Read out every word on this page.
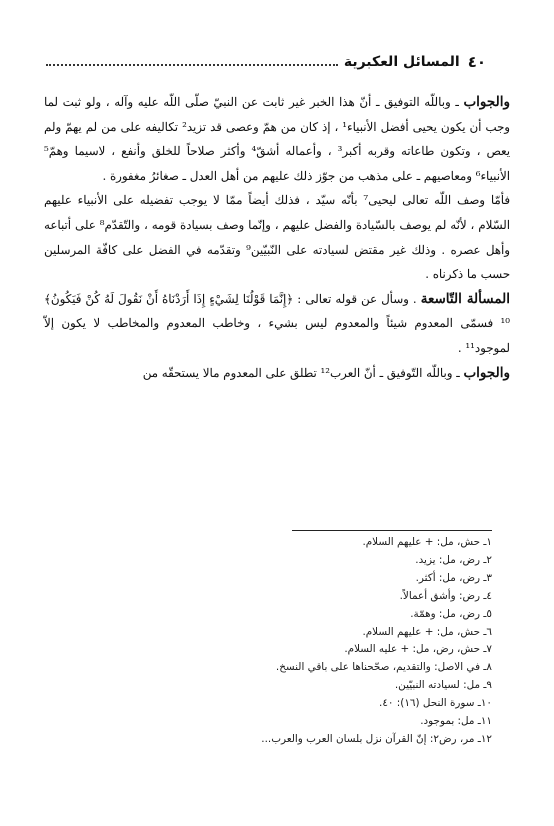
٤٠
المسائل العكبرية

والجواب ـ وباللّه التوفيق ـ أنّ هذا الخبر غير ثابت عن النبيّ صلّى اللّه عليه وآله ، ولو ثبت لما وجب أن يكون يحيى أفضل الأنبياء¹ ، إذ كان من همّ وعصى قد تزيد² تكاليفه على من لم يهمّ ولم يعص ، وتكون طاعاته وقربه أكبر³ ، وأعماله أشقّ⁴ وأكثر صلاحاً للخلق وأنفع ، لاسيما وهمّ⁵ الأنبياء⁶ ومعاصيهم ـ على مذهب من جوّز ذلك عليهم من أهل العدل ـ صغائرُ مغفورة .

فأمّا وصف اللّه تعالى ليحيى⁷ بأنّه سيّد ، فذلك أيضاً ممّا لا يوجب تفضيله على الأنبياء عليهم السّلام ، لأنّه لم يوصف بالسّيادة والفضل عليهم ، وإنّما وصف بسيادة قومه ، والتّقدّم⁸ على أتباعه وأهل عصره . وذلك غير مقتض لسيادته على النّبيّين⁹ وتقدّمه في الفضل على كافّة المرسلين حسب ما ذكرناه .

المسألة التّاسعة . وسأل عن قوله تعالى : ﴿إِنَّمَا قَوْلُنَا لِشَيْءٍ إِذَا أَرَدْنَاهُ أَنْ نَقُولَ لَهُ كُنْ فَيَكُونُ﴾¹⁰ فسمّى المعدوم شيئاً والمعدوم ليس بشيء ، وخاطب المعدوم والمخاطب لا يكون إلاّ لموجود¹¹ .

والجواب ـ وباللّه التّوفيق ـ أنّ العرب¹² تطلق على المعدوم مالا يستحقّه من

١ـ حش، مل: + عليهم السلام.
٢ـ رض، مل: يزيد.
٣ـ رض، مل: أكثر.
٤ـ رض: وأشق أعمالاً.
٥ـ رض، مل: وهمّة.
٦ـ حش، مل: + عليهم السلام.
٧ـ حش، رض، مل: + عليه السلام.
٨ـ في الاصل: والتقديم، صحّحناها على باقي النسخ.
٩ـ مل: لسيادته النبيّين.
١٠ـ سورة النحل (١٦): ٤٠.
١١ـ مل: بموجود.
١٢ـ مر، رض٢: إنّ القرآن نزل بلسان العرب والعرب...
